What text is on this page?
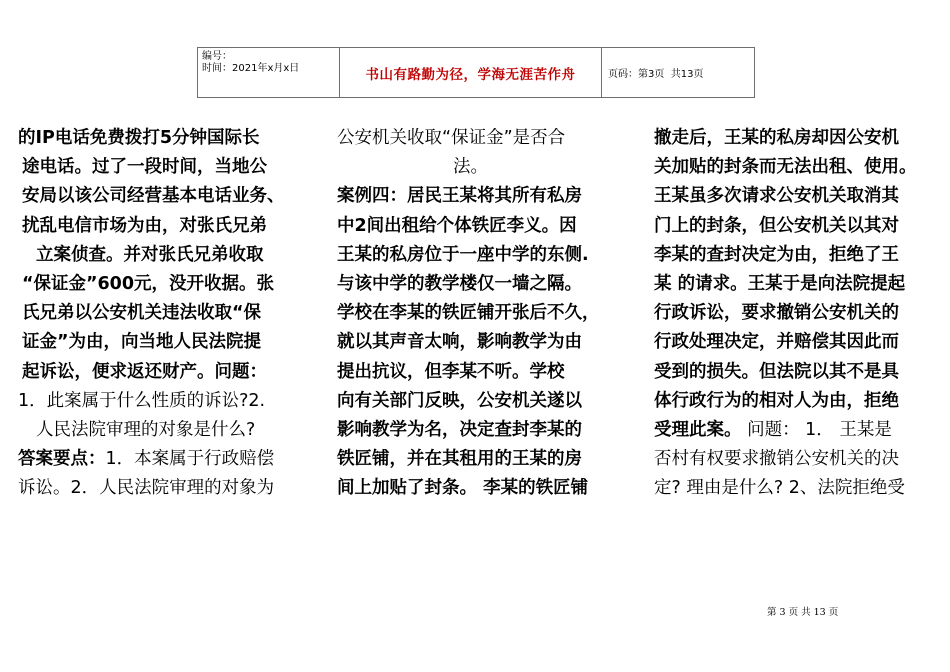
编号：
时间：2021年x月x日	书山有路勤为径，学海无涯苦作舟	页码：第3页  共13页
的IP电话免费拨打5分钟国际长
途电话。过了一段时间，当地公
安局以该公司经营基本电话业务、
扰乱电信市场为由，对张氏兄弟
立案侦查。并对张氏兄弟收取
“保证金”600元，没开收据。张
氏兄弟以公安机关违法收取“保
证金”为由，向当地人民法院提
起诉讼，便求返还财产。问题：
1．此案属于什么性质的诉讼?2.
人民法院审理的对象是什么?
答案要点：1．本案属于行政赔偿
诉讼。2．人民法院审理的对象为
公安机关收取“保证金”是否合
法。
案例四：居民王某将其所有私房
中2间出租给个体铁匠李义。因
王某的私房位于一座中学的东侧.
与该中学的教学楼仅一墙之隔。
学校在李某的铁匠铺开张后不久，
就以其声音太响，影响教学为由
提出抗议，但李某不听。学校
向有关部门反映，公安机关遂以
影响教学为名，决定查封李某的
铁匠铺，并在其租用的王某的房
间上加贴了封条。 李某的铁匠铺
撤走后，王某的私房却因公安机
关加贴的封条而无法出租、使用。
王某虽多次请求公安机关取消其
门上的封条，但公安机关以其对
李某的查封决定为由，拒绝了王
某 的请求。王某于是向法院提起
行政诉讼，要求撤销公安机关的
行政处理决定，并赔偿其因此而
受到的损失。但法院以其不是具
体行政行为的相对人为由，拒绝
受理此案。 问题： 1． 王某是
否村有权要求撤销公安机关的决
定? 理由是什么? 2、法院拒绝受
第 3 页 共 13 页
